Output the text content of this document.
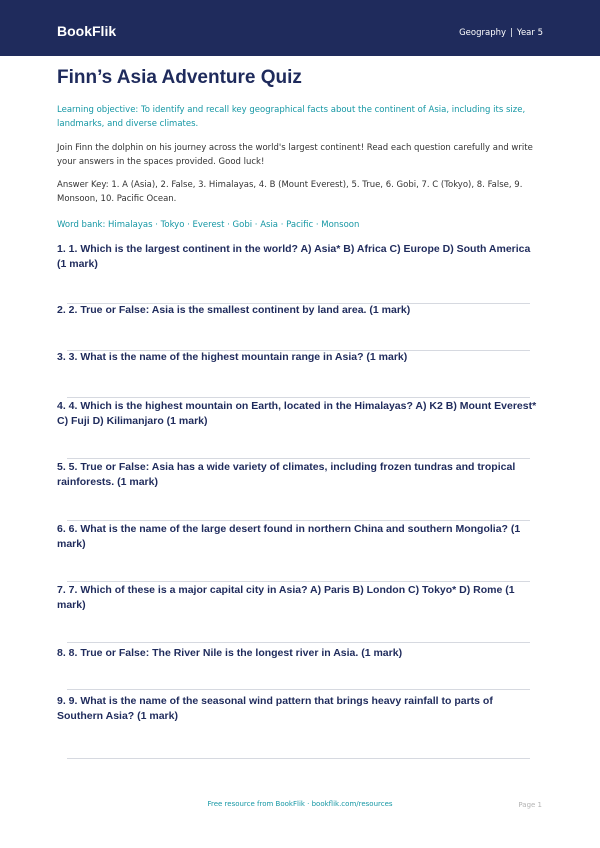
BookFlik	Geography | Year 5
Finn’s Asia Adventure Quiz
Learning objective: To identify and recall key geographical facts about the continent of Asia, including its size, landmarks, and diverse climates.
Join Finn the dolphin on his journey across the world's largest continent! Read each question carefully and write your answers in the spaces provided. Good luck!
Answer Key: 1. A (Asia), 2. False, 3. Himalayas, 4. B (Mount Everest), 5. True, 6. Gobi, 7. C (Tokyo), 8. False, 9. Monsoon, 10. Pacific Ocean.
Word bank: Himalayas · Tokyo · Everest · Gobi · Asia · Pacific · Monsoon
1. 1. Which is the largest continent in the world? A) Asia* B) Africa C) Europe D) South America (1 mark)
2. 2. True or False: Asia is the smallest continent by land area. (1 mark)
3. 3. What is the name of the highest mountain range in Asia? (1 mark)
4. 4. Which is the highest mountain on Earth, located in the Himalayas? A) K2 B) Mount Everest* C) Fuji D) Kilimanjaro (1 mark)
5. 5. True or False: Asia has a wide variety of climates, including frozen tundras and tropical rainforests. (1 mark)
6. 6. What is the name of the large desert found in northern China and southern Mongolia? (1 mark)
7. 7. Which of these is a major capital city in Asia? A) Paris B) London C) Tokyo* D) Rome (1 mark)
8. 8. True or False: The River Nile is the longest river in Asia. (1 mark)
9. 9. What is the name of the seasonal wind pattern that brings heavy rainfall to parts of Southern Asia? (1 mark)
Free resource from BookFlik · bookflik.com/resources	Page 1
